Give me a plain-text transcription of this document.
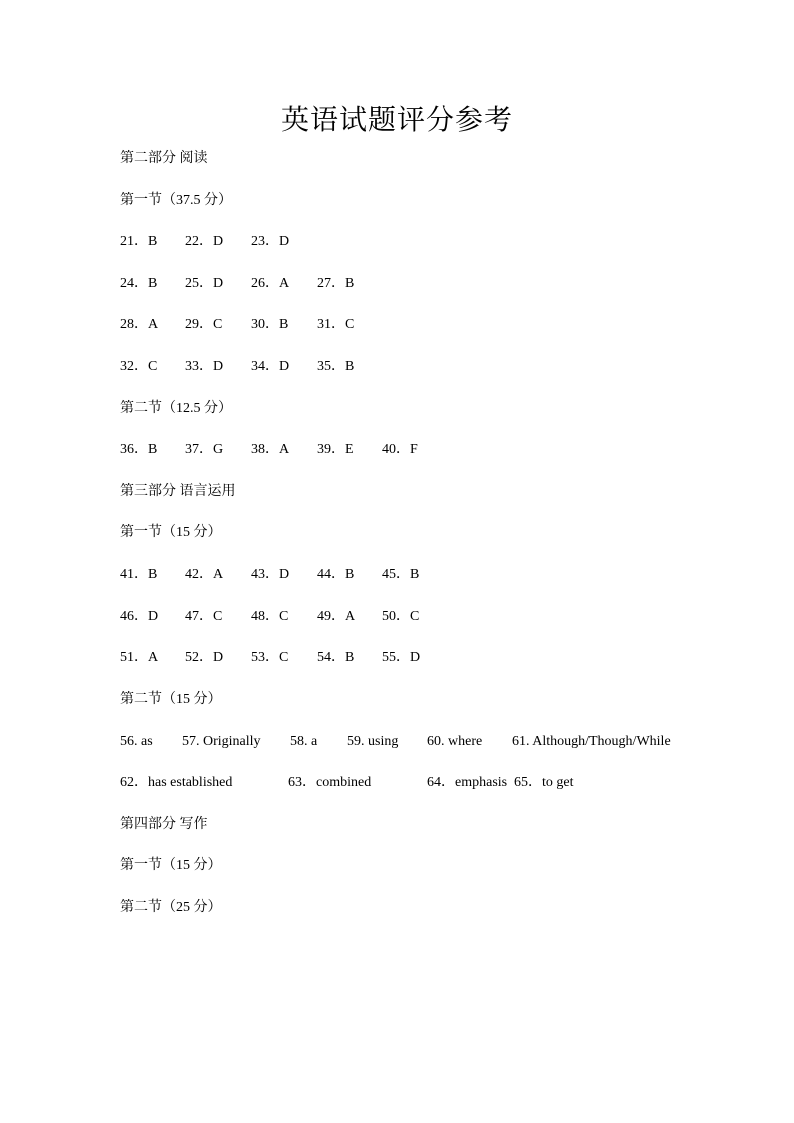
英语试题评分参考
第二部分 阅读
第一节（37.5 分）
21．B 22．D 23．D
24．B 25．D 26．A 27．B
28．A 29．C 30．B 31．C
32．C 33．D 34．D 35．B
第二节（12.5 分）
36．B 37．G 38．A 39．E 40．F
第三部分 语言运用
第一节（15 分）
41．B 42．A 43．D 44．B 45．B
46．D 47．C 48．C 49．A 50．C
51．A 52．D 53．C 54．B 55．D
第二节（15 分）
56. as 57. Originally 58. a 59. using 60. where 61. Although/Though/While
62．has established	63．combined	64．emphasis 65．to get
第四部分 写作
第一节（15 分）
第二节（25 分）
